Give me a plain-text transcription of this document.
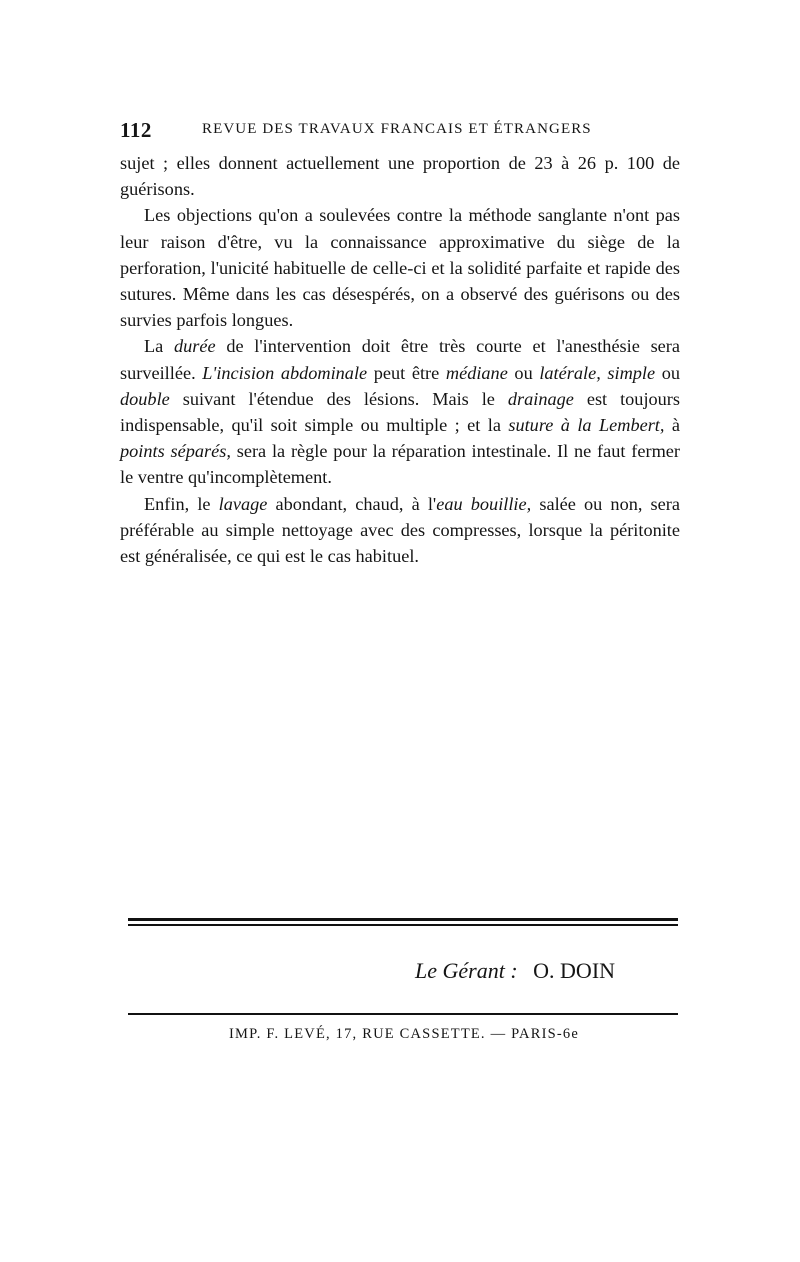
112	REVUE DES TRAVAUX FRANCAIS ET ÉTRANGERS

sujet ; elles donnent actuellement une proportion de 23 à 26 p. 100 de guérisons.

Les objections qu'on a soulevées contre la méthode sanglante n'ont pas leur raison d'être, vu la connaissance approximative du siège de la perforation, l'unicité habituelle de celle-ci et la solidité parfaite et rapide des sutures. Même dans les cas désespérés, on a observé des guérisons ou des survies parfois longues.

La durée de l'intervention doit être très courte et l'anesthésie sera surveillée. L'incision abdominale peut être médiane ou latérale, simple ou double suivant l'étendue des lésions. Mais le drainage est toujours indispensable, qu'il soit simple ou multiple ; et la suture à la Lembert, à points séparés, sera la règle pour la réparation intestinale. Il ne faut fermer le ventre qu'incomplètement.

Enfin, le lavage abondant, chaud, à l'eau bouillie, salée ou non, sera préférable au simple nettoyage avec des compresses, lorsque la péritonite est généralisée, ce qui est le cas habituel.

Le Gérant : O. DOIN
IMP. F. LEVÉ, 17, RUE CASSETTE. — PARIS-6e
